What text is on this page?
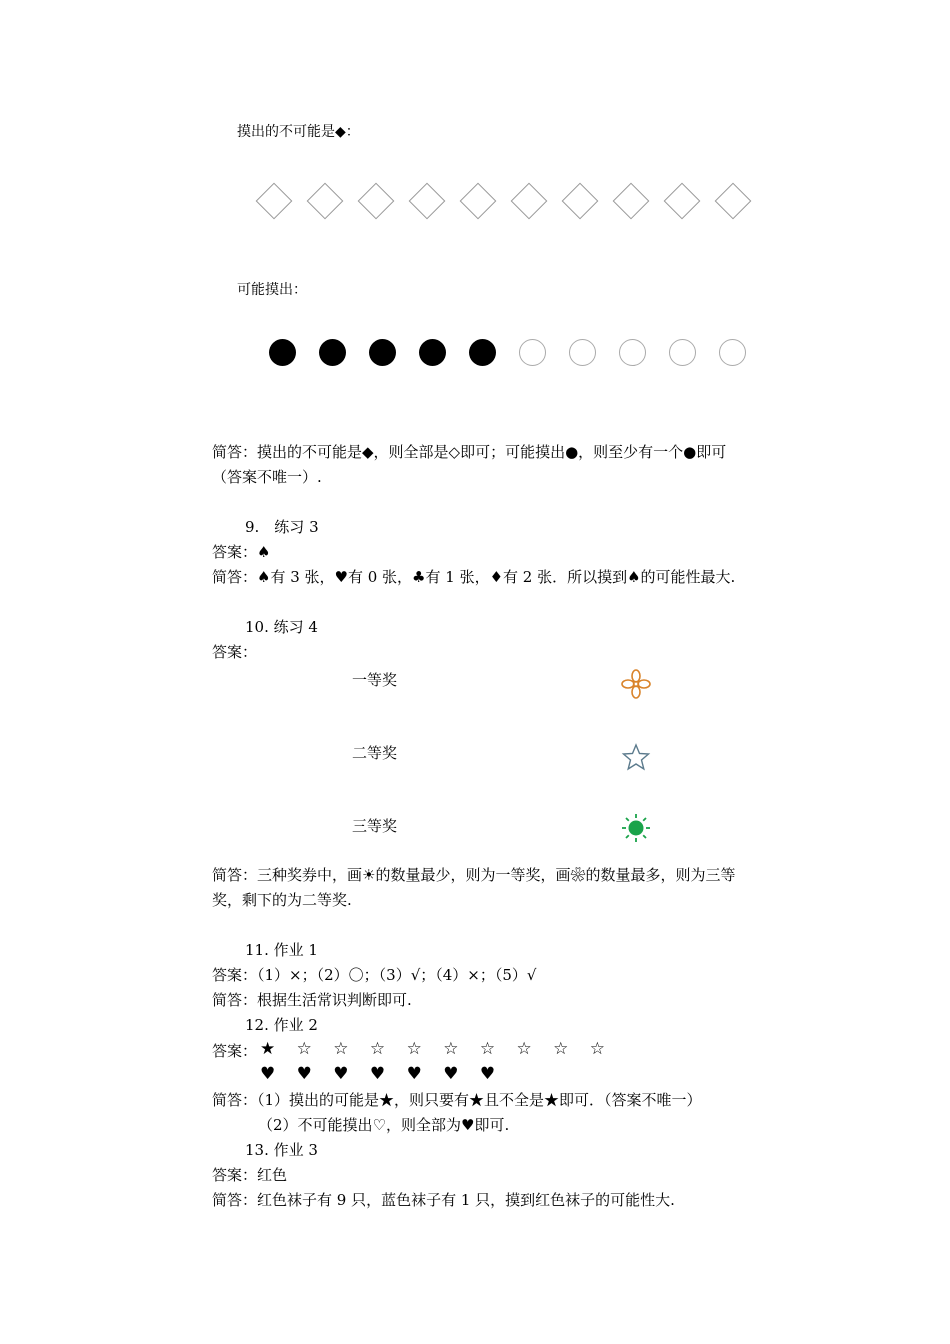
摸出的不可能是◆：
可能摸出：
简答：摸出的不可能是◆，则全部是◇即可；可能摸出●，则至少有一个●即可
（答案不唯一）.
9.　练习 3
答案：♠
简答：♠有 3 张，♥有 0 张，♣有 1 张，♦有 2 张．所以摸到♠的可能性最大.
10. 练习 4
答案：
一等奖
二等奖
三等奖
简答：三种奖券中，画☀的数量最少，则为一等奖，画❀的数量最多，则为三等
奖，剩下的为二等奖.
11. 作业 1
答案：（1）×；（2）〇；（3）√；（4）×；（5）√
简答：根据生活常识判断即可.
12. 作业 2
答案： ★ ☆ ☆ ☆ ☆ ☆ ☆ ☆ ☆ ☆
♥ ♥ ♥ ♥ ♥ ♥ ♥
简答：（1）摸出的可能是★，则只要有★且不全是★即可．（答案不唯一）
（2）不可能摸出♡，则全部为♥即可.
13. 作业 3
答案：红色
简答：红色袜子有 9 只，蓝色袜子有 1 只，摸到红色袜子的可能性大.
